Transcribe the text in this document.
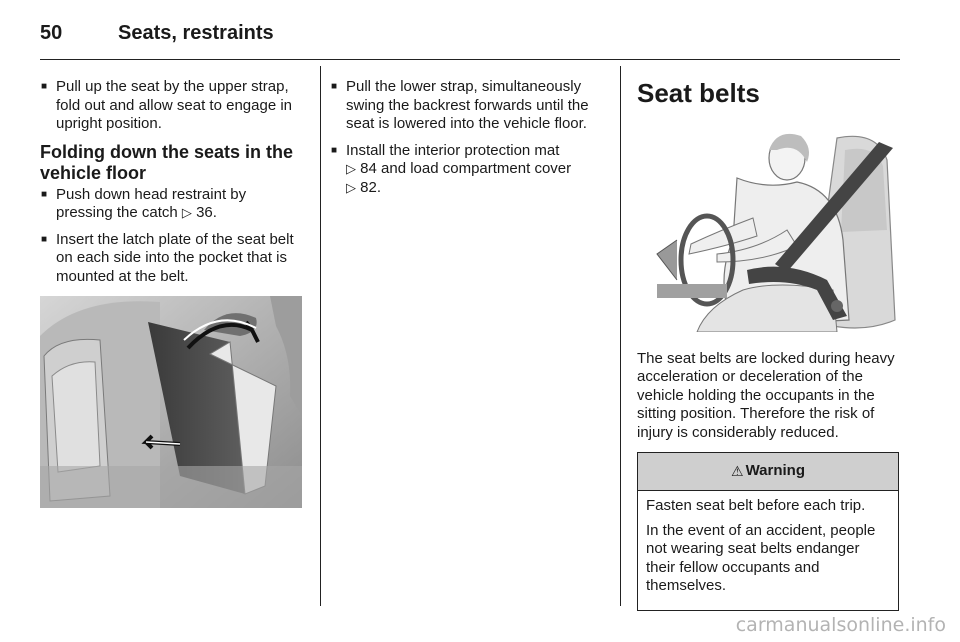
50	Seats, restraints
■ Pull up the seat by the upper strap, fold out and allow seat to engage in upright position.
Folding down the seats in the vehicle floor
■ Push down head restraint by pressing the catch ▷ 36.
■ Insert the latch plate of the seat belt on each side into the pocket that is mounted at the belt.
■ Pull the lower strap, simultaneously swing the backrest forwards until the seat is lowered into the vehicle floor.
■ Install the interior protection mat
▷ 84 and load compartment cover
▷ 82.
Seat belts

The seat belts are locked during heavy acceleration or deceleration of the vehicle holding the occupants in the sitting position. Therefore the risk of injury is considerably reduced.

⚠ Warning

Fasten seat belt before each trip.

In the event of an accident, people not wearing seat belts endanger their fellow occupants and themselves.

carmanualsonline.info
